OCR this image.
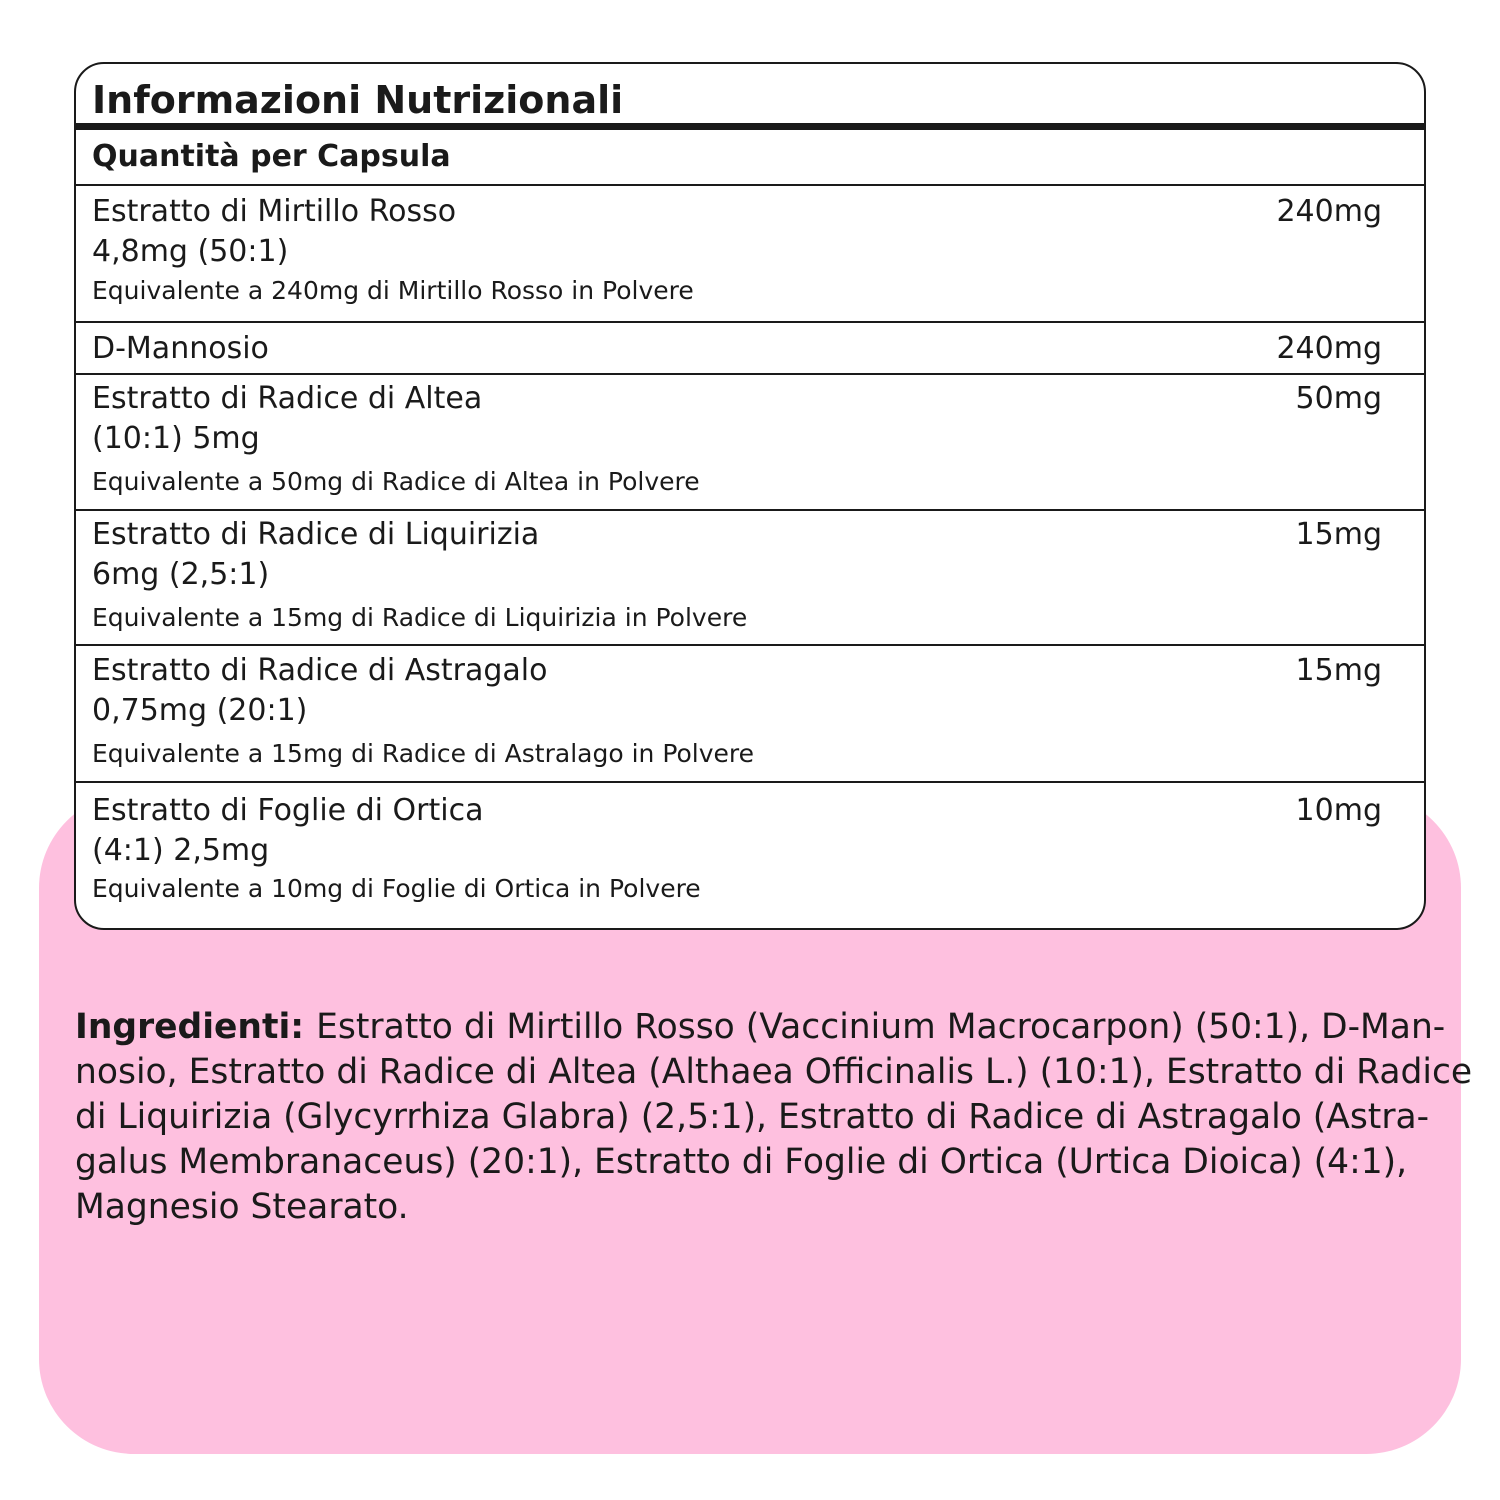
Informazioni Nutrizionali
Quantità per Capsula
Estratto di Mirtillo Rosso
4,8mg (50:1)
Equivalente a 240mg di Mirtillo Rosso in Polvere
240mg
D-Mannosio	240mg
Estratto di Radice di Altea
(10:1) 5mg
Equivalente a 50mg di Radice di Altea in Polvere
50mg
Estratto di Radice di Liquirizia
6mg (2,5:1)
Equivalente a 15mg di Radice di Liquirizia in Polvere
15mg
Estratto di Radice di Astragalo
0,75mg (20:1)
Equivalente a 15mg di Radice di Astralago in Polvere
15mg
Estratto di Foglie di Ortica
(4:1) 2,5mg
Equivalente a 10mg di Foglie di Ortica in Polvere
10mg
Ingredienti: Estratto di Mirtillo Rosso (Vaccinium Macrocarpon) (50:1), D-Man-
nosio, Estratto di Radice di Altea (Althaea Officinalis L.) (10:1), Estratto di Radice
di Liquirizia (Glycyrrhiza Glabra) (2,5:1), Estratto di Radice di Astragalo (Astra-
galus Membranaceus) (20:1), Estratto di Foglie di Ortica (Urtica Dioica) (4:1),
Magnesio Stearato.
